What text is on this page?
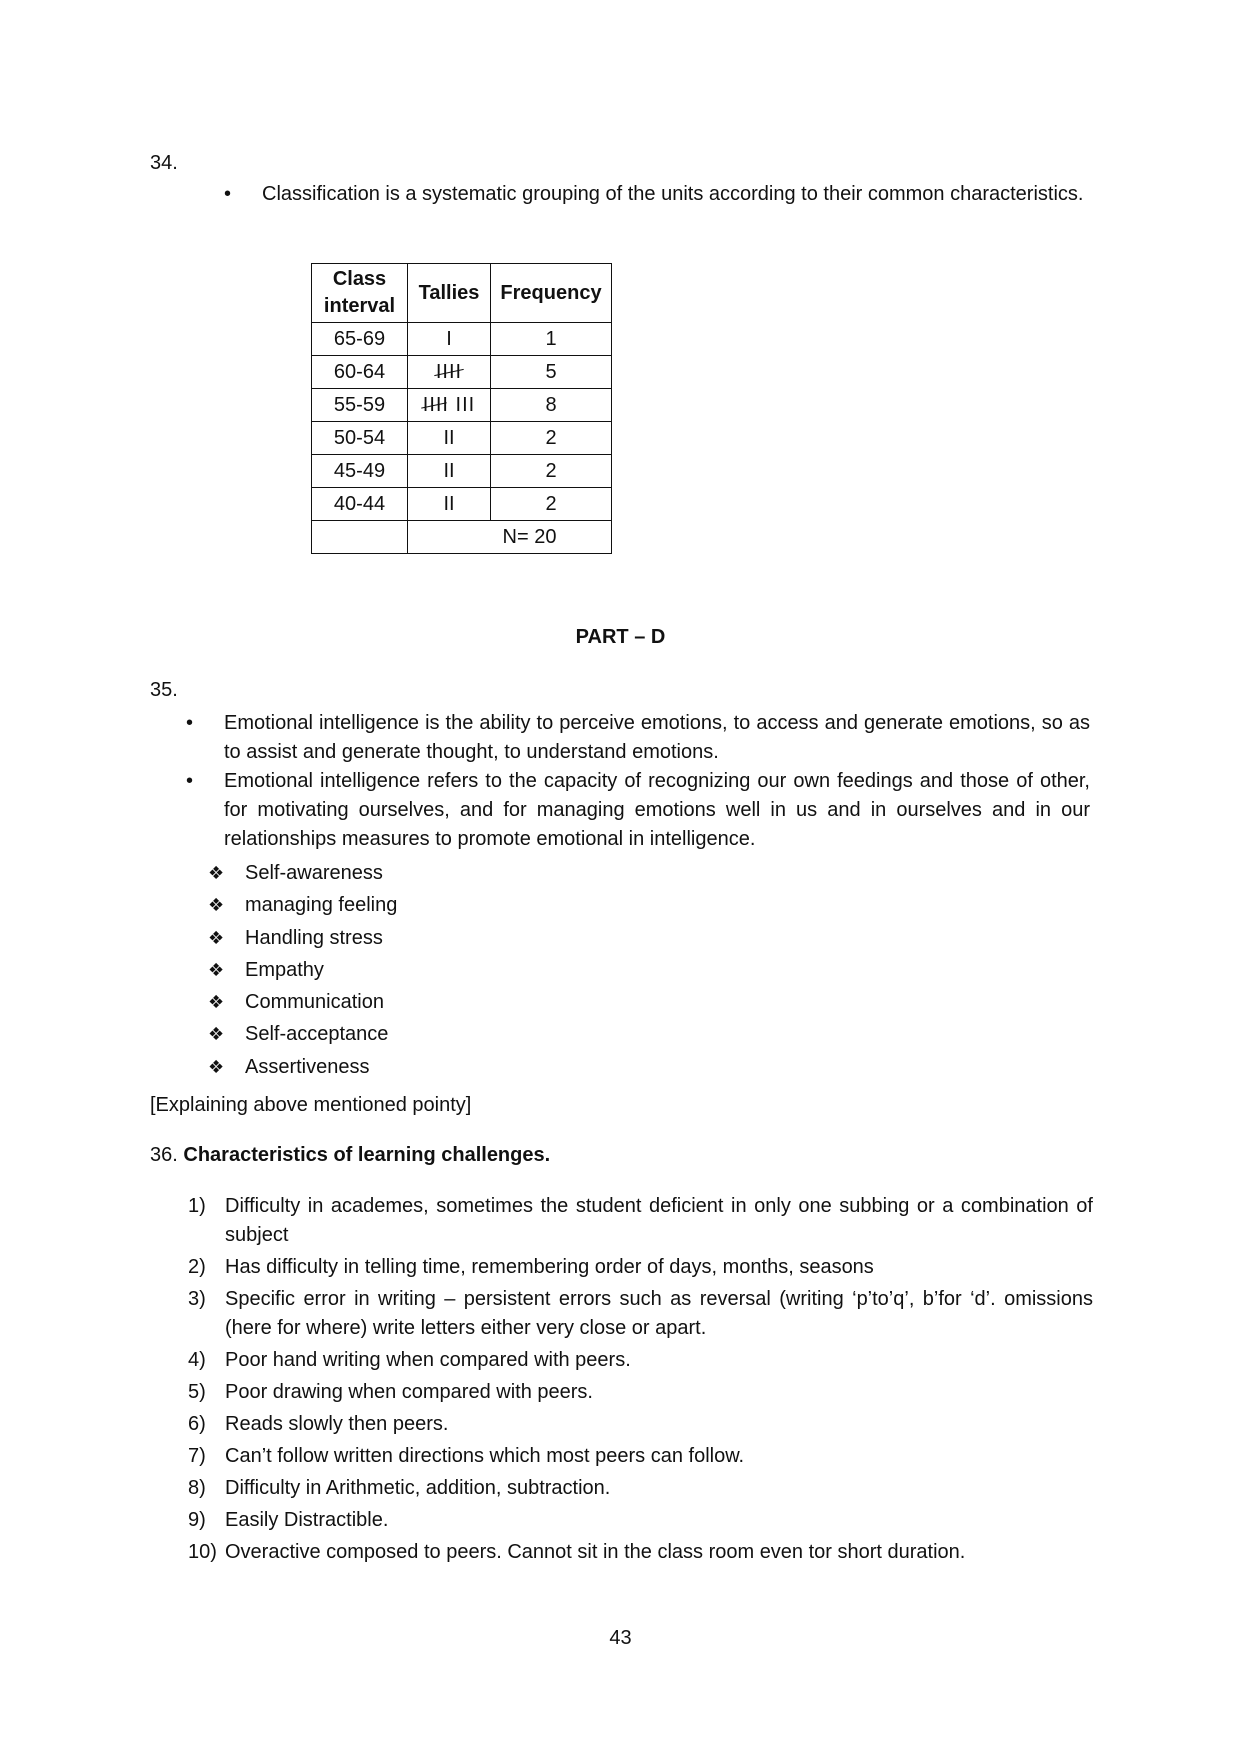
34.
• Classification is a systematic grouping of the units according to their common characteristics.
Class interval	Tallies	Frequency
65-69	I	1
60-64	IIII	5
55-59	IIII III	8
50-54	II	2
45-49	II	2
40-44	II	2
	N= 20	
PART – D
35.
• Emotional intelligence is the ability to perceive emotions, to access and generate emotions, so as to assist and generate thought, to understand emotions.
• Emotional intelligence refers to the capacity of recognizing our own feedings and those of other, for motivating ourselves, and for managing emotions well in us and in ourselves and in our relationships measures to promote emotional in intelligence.
❖	Self-awareness
❖	managing feeling
❖	Handling stress
❖	Empathy
❖	Communication
❖	Self-acceptance
❖	Assertiveness
[Explaining above mentioned pointy]
36. Characteristics of learning challenges.
1) Difficulty in academes, sometimes the student deficient in only one subbing or a combination of subject
2) Has difficulty in telling time, remembering order of days, months, seasons
3) Specific error in writing – persistent errors such as reversal (writing ‘p’to’q’, b’for ‘d’. omissions (here for where) write letters either very close or apart.
4) Poor hand writing when compared with peers.
5) Poor drawing when compared with peers.
6) Reads slowly then peers.
7) Can’t follow written directions which most peers can follow.
8) Difficulty in Arithmetic, addition, subtraction.
9) Easily Distractible.
10) Overactive composed to peers. Cannot sit in the class room even tor short duration.
43
